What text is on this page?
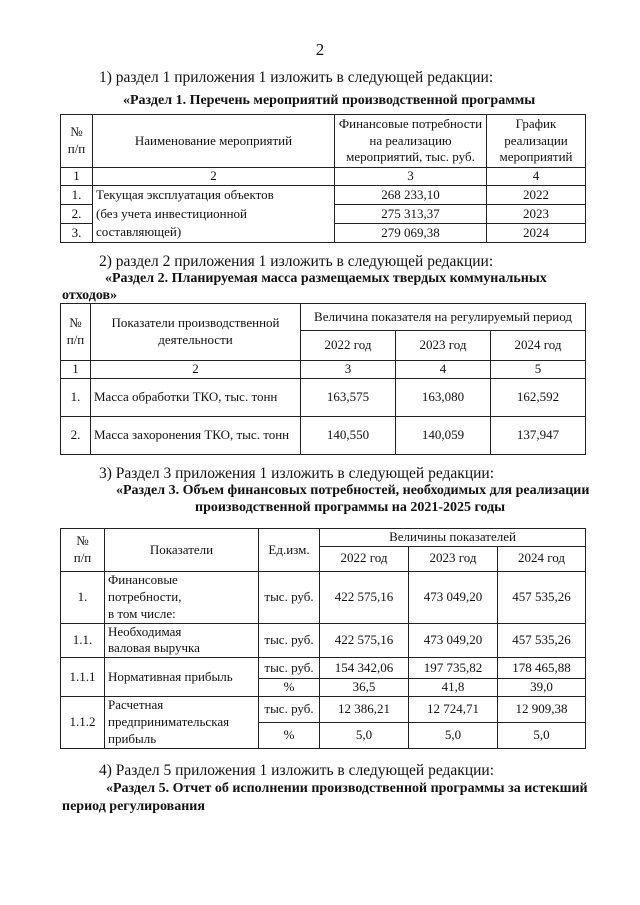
2
1) раздел 1 приложения 1 изложить в следующей редакции:
«Раздел 1. Перечень мероприятий производственной программы
№
п/п	Наименование мероприятий	Финансовые потребности
на реализацию
мероприятий, тыс. руб.	График реализации
мероприятий
1	2	3	4
1.	Текущая эксплуатация объектов	268 233,10	2022
2.	(без учета инвестиционной	275 313,37	2023
3.	составляющей)	279 069,38	2024
2) раздел 2 приложения 1 изложить в следующей редакции:
«Раздел 2. Планируемая масса размещаемых твердых коммунальных
отходов»
№
п/п	Показатели производственной
деятельности	Величина показателя на регулируемый период		
		2022 год	2023 год	2024 год
1	2	3	4	5
1.	Масса обработки ТКО, тыс. тонн	163,575	163,080	162,592
2.	Масса захоронения ТКО, тыс. тонн	140,550	140,059	137,947
3) Раздел 3 приложения 1 изложить в следующей редакции:
«Раздел 3. Объем финансовых потребностей, необходимых для реализации
производственной программы на 2021-2025 годы
№
п/п	Показатели	Ед.изм.	Величины показателей		
			2022 год	2023 год	2024 год
1.	Финансовые
потребности,
в том числе:	тыс. руб.	422 575,16	473 049,20	457 535,26
1.1.	Необходимая
валовая выручка	тыс. руб.	422 575,16	473 049,20	457 535,26
1.1.1	Нормативная прибыль	тыс. руб.	154 342,06	197 735,82	178 465,88
		%	36,5	41,8	39,0
1.1.2	Расчетная
предпринимательская
прибыль	тыс. руб.	12 386,21	12 724,71	12 909,38
		%	5,0	5,0	5,0
4) Раздел 5 приложения 1 изложить в следующей редакции:
«Раздел 5. Отчет об исполнении производственной программы за истекший
период регулирования
